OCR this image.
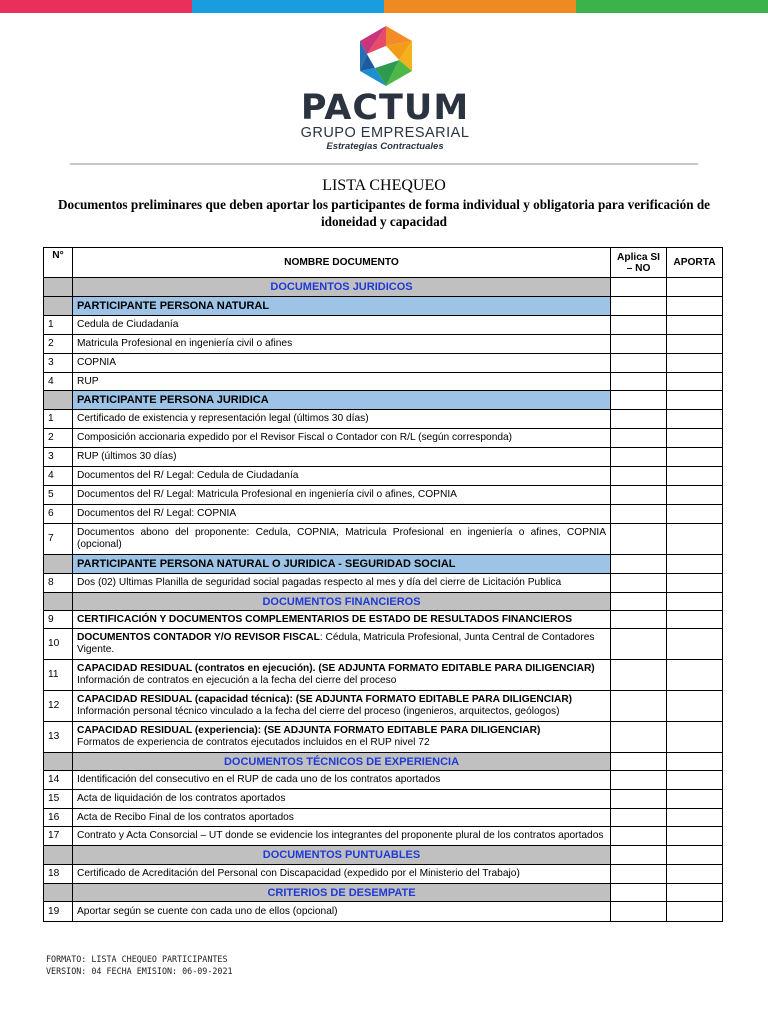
PACTUM
GRUPO EMPRESARIAL
Estrategias Contractuales
LISTA CHEQUEO
Documentos preliminares que deben aportar los participantes de forma individual y obligatoria para verificación de idoneidad y capacidad
N°	NOMBRE DOCUMENTO	Aplica SI – NO	APORTA
	DOCUMENTOS JURIDICOS		
	PARTICIPANTE PERSONA NATURAL		
1	Cedula de Ciudadanía		
2	Matricula Profesional en ingeniería civil o afines		
3	COPNIA		
4	RUP		
	PARTICIPANTE PERSONA JURIDICA		
1	Certificado de existencia y representación legal (últimos 30 días)		
2	Composición accionaria expedido por el Revisor Fiscal o Contador con R/L (según corresponda)		
3	RUP (últimos 30 días)		
4	Documentos del R/ Legal: Cedula de Ciudadanía		
5	Documentos del R/ Legal: Matricula Profesional en ingeniería civil o afines, COPNIA		
6	Documentos del R/ Legal: COPNIA		
7	Documentos abono del proponente: Cedula, COPNIA, Matricula Profesional en ingeniería o afines, COPNIA (opcional)		
	PARTICIPANTE PERSONA NATURAL O JURIDICA - SEGURIDAD SOCIAL		
8	Dos (02) Ultimas Planilla de seguridad social pagadas respecto al mes y día del cierre de Licitación Publica		
	DOCUMENTOS FINANCIEROS		
9	CERTIFICACIÓN Y DOCUMENTOS COMPLEMENTARIOS DE ESTADO DE RESULTADOS FINANCIEROS		
10	DOCUMENTOS CONTADOR Y/O REVISOR FISCAL: Cédula, Matricula Profesional, Junta Central de Contadores Vigente.		
11	CAPACIDAD RESIDUAL (contratos en ejecución). (SE ADJUNTA FORMATO EDITABLE PARA DILIGENCIAR)
Información de contratos en ejecución a la fecha del cierre del proceso		
12	CAPACIDAD RESIDUAL (capacidad técnica): (SE ADJUNTA FORMATO EDITABLE PARA DILIGENCIAR)
Información personal técnico vinculado a la fecha del cierre del proceso (ingenieros, arquitectos, geólogos)		
13	CAPACIDAD RESIDUAL (experiencia): (SE ADJUNTA FORMATO EDITABLE PARA DILIGENCIAR)
Formatos de experiencia de contratos ejecutados incluidos en el RUP nivel 72		
	DOCUMENTOS TÉCNICOS DE EXPERIENCIA		
14	Identificación del consecutivo en el RUP de cada uno de los contratos aportados		
15	Acta de liquidación de los contratos aportados		
16	Acta de Recibo Final de los contratos aportados		
17	Contrato y Acta Consorcial – UT donde se evidencie los integrantes del proponente plural de los contratos aportados		
	DOCUMENTOS PUNTUABLES		
18	Certificado de Acreditación del Personal con Discapacidad (expedido por el Ministerio del Trabajo)		
	CRITERIOS DE DESEMPATE		
19	Aportar según se cuente con cada uno de ellos (opcional)		
FORMATO: LISTA CHEQUEO PARTICIPANTES
VERSION: 04 FECHA EMISION: 06-09-2021
